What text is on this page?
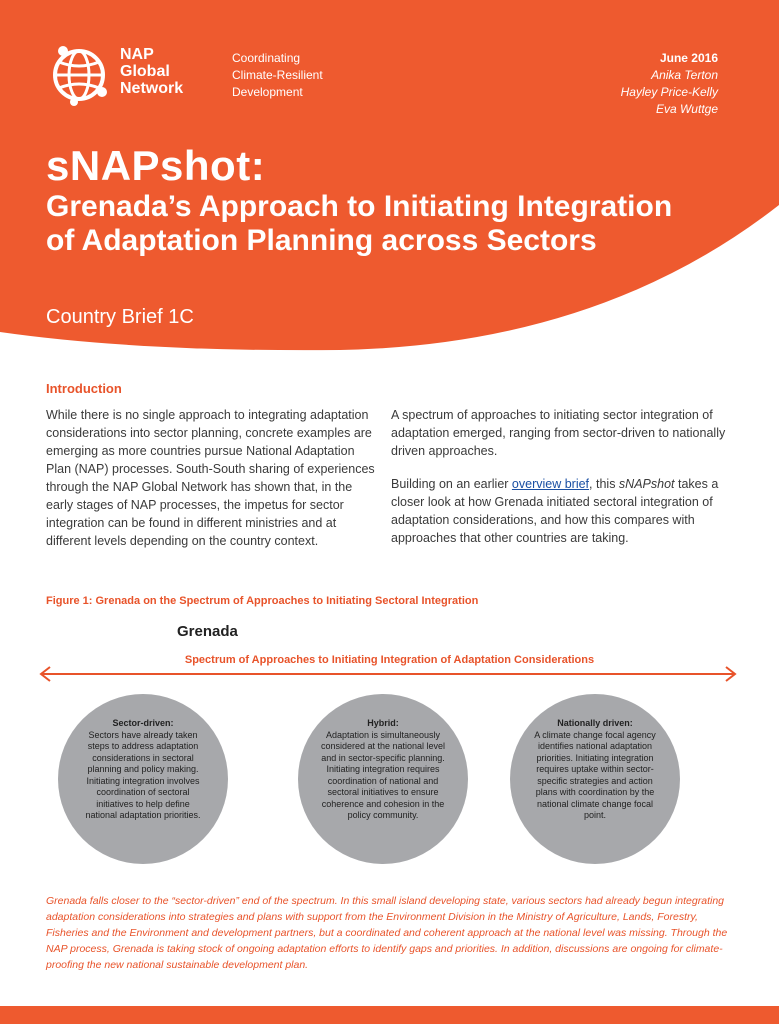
NAP
Global
Network
Coordinating
Climate-Resilient
Development
June 2016
Anika Terton
Hayley Price-Kelly
Eva Wuttge
sNAPshot:
Grenada’s Approach to Initiating Integration of Adaptation Planning across Sectors
Country Brief 1C
Introduction
While there is no single approach to integrating adaptation considerations into sector planning, concrete examples are emerging as more countries pursue National Adaptation Plan (NAP) processes. South-South sharing of experiences through the NAP Global Network has shown that, in the early stages of NAP processes, the impetus for sector integration can be found in different ministries and at different levels depending on the country context.

A spectrum of approaches to initiating sector integration of adaptation emerged, ranging from sector-driven to nationally driven approaches.

Building on an earlier overview brief, this sNAPshot takes a closer look at how Grenada initiated sectoral integration of adaptation considerations, and how this compares with approaches that other countries are taking.

Figure 1: Grenada on the Spectrum of Approaches to Initiating Sectoral Integration
Grenada
Spectrum of Approaches to Initiating Integration of Adaptation Considerations
Sector-driven:
Sectors have already taken steps to address adaptation considerations in sectoral planning and policy making. Initiating integration involves coordination of sectoral initiatives to help define national adaptation priorities.
Hybrid:
Adaptation is simultaneously considered at the national level and in sector-specific planning. Initiating integration requires coordination of national and sectoral initiatives to ensure coherence and cohesion in the policy community.
Nationally driven:
A climate change focal agency identifies national adaptation priorities. Initiating integration requires uptake within sector-specific strategies and action plans with coordination by the national climate change focal point.
Grenada falls closer to the “sector-driven” end of the spectrum. In this small island developing state, various sectors had already begun integrating adaptation considerations into strategies and plans with support from the Environment Division in the Ministry of Agriculture, Lands, Forestry, Fisheries and the Environment and development partners, but a coordinated and coherent approach at the national level was missing. Through the NAP process, Grenada is taking stock of ongoing adaptation efforts to identify gaps and priorities. In addition, discussions are ongoing for climate-proofing the new national sustainable development plan.
